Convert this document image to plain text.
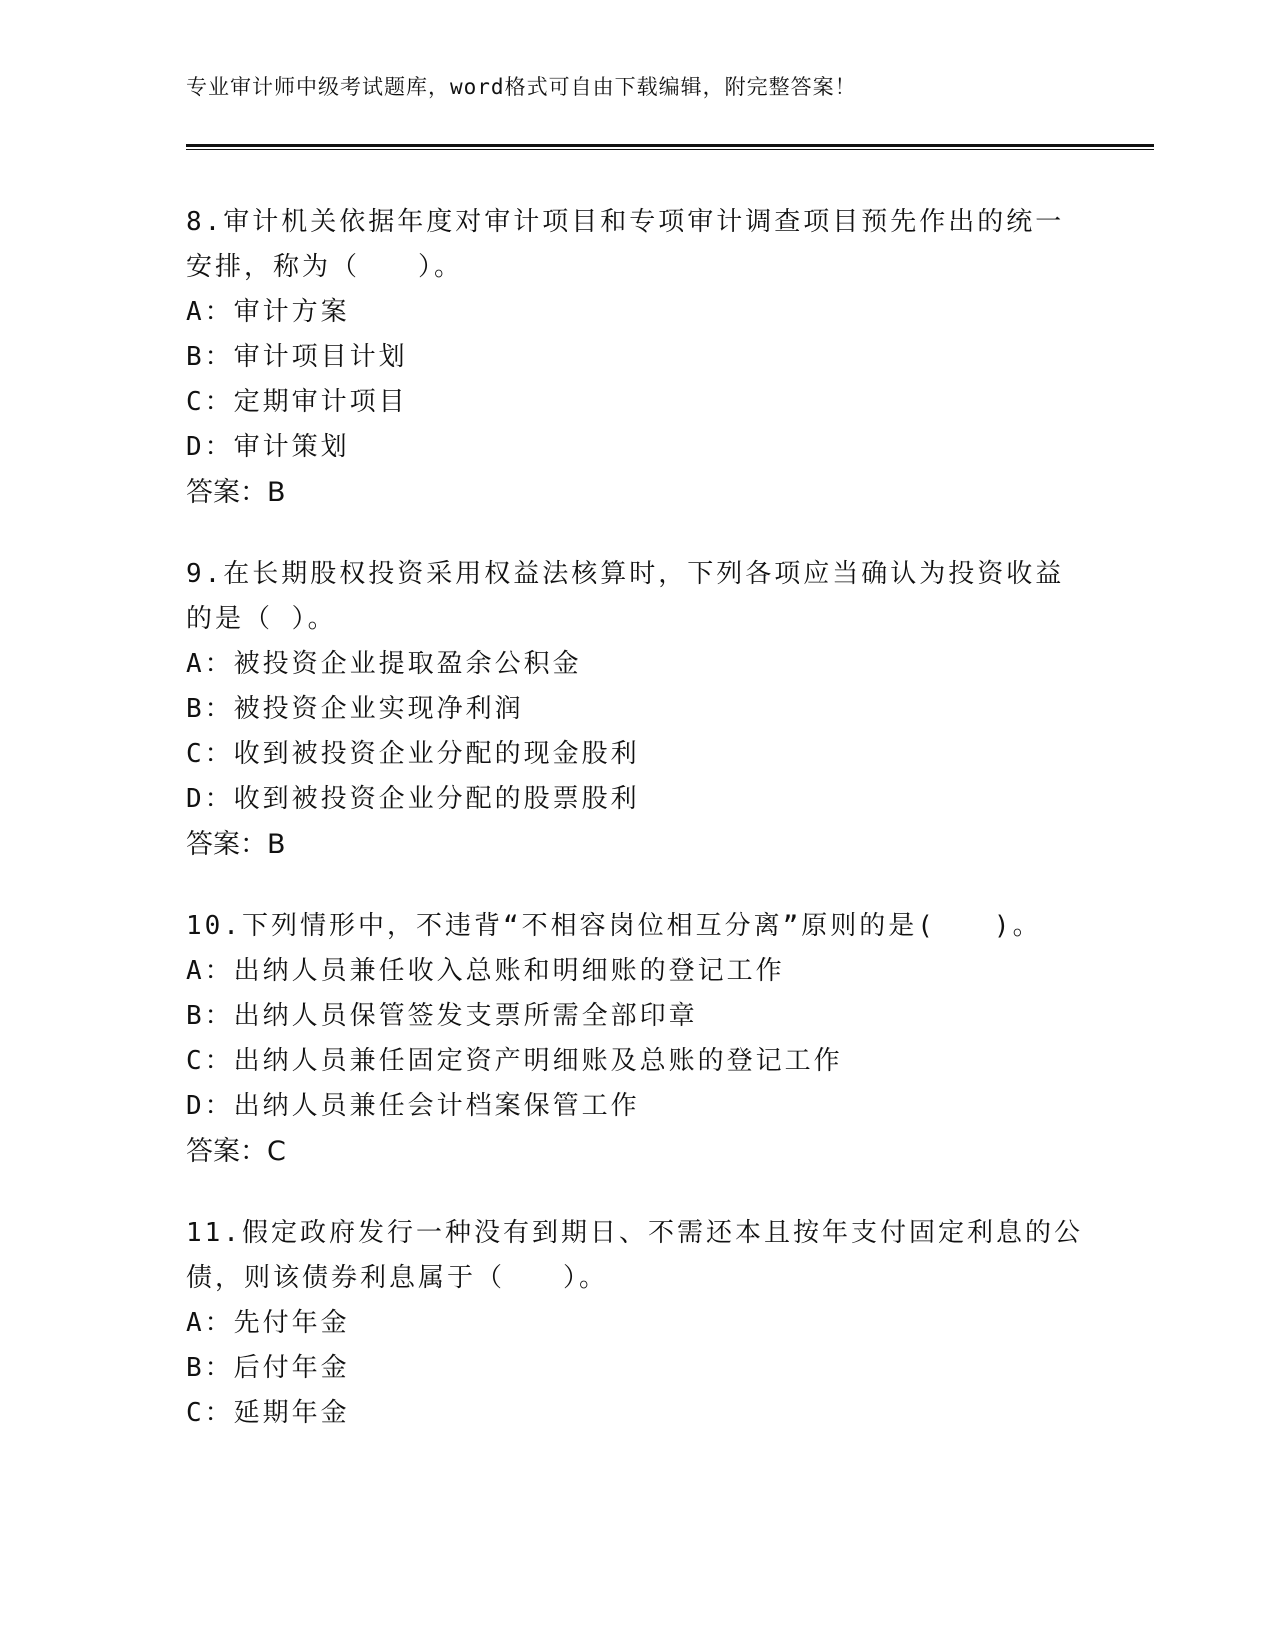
专业审计师中级考试题库，word格式可自由下载编辑，附完整答案！

8.审计机关依据年度对审计项目和专项审计调查项目预先作出的统一安排，称为（　　）。

A：审计方案

B：审计项目计划

C：定期审计项目

D：审计策划

答案：B

9.在长期股权投资采用权益法核算时，下列各项应当确认为投资收益的是（ ）。

A：被投资企业提取盈余公积金

B：被投资企业实现净利润

C：收到被投资企业分配的现金股利

D：收到被投资企业分配的股票股利

答案：B

10.下列情形中，不违背“不相容岗位相互分离”原则的是(　　)。

A：出纳人员兼任收入总账和明细账的登记工作

B：出纳人员保管签发支票所需全部印章

C：出纳人员兼任固定资产明细账及总账的登记工作

D：出纳人员兼任会计档案保管工作

答案：C

11.假定政府发行一种没有到期日、不需还本且按年支付固定利息的公债，则该债券利息属于（　　）。

A：先付年金

B：后付年金

C：延期年金
